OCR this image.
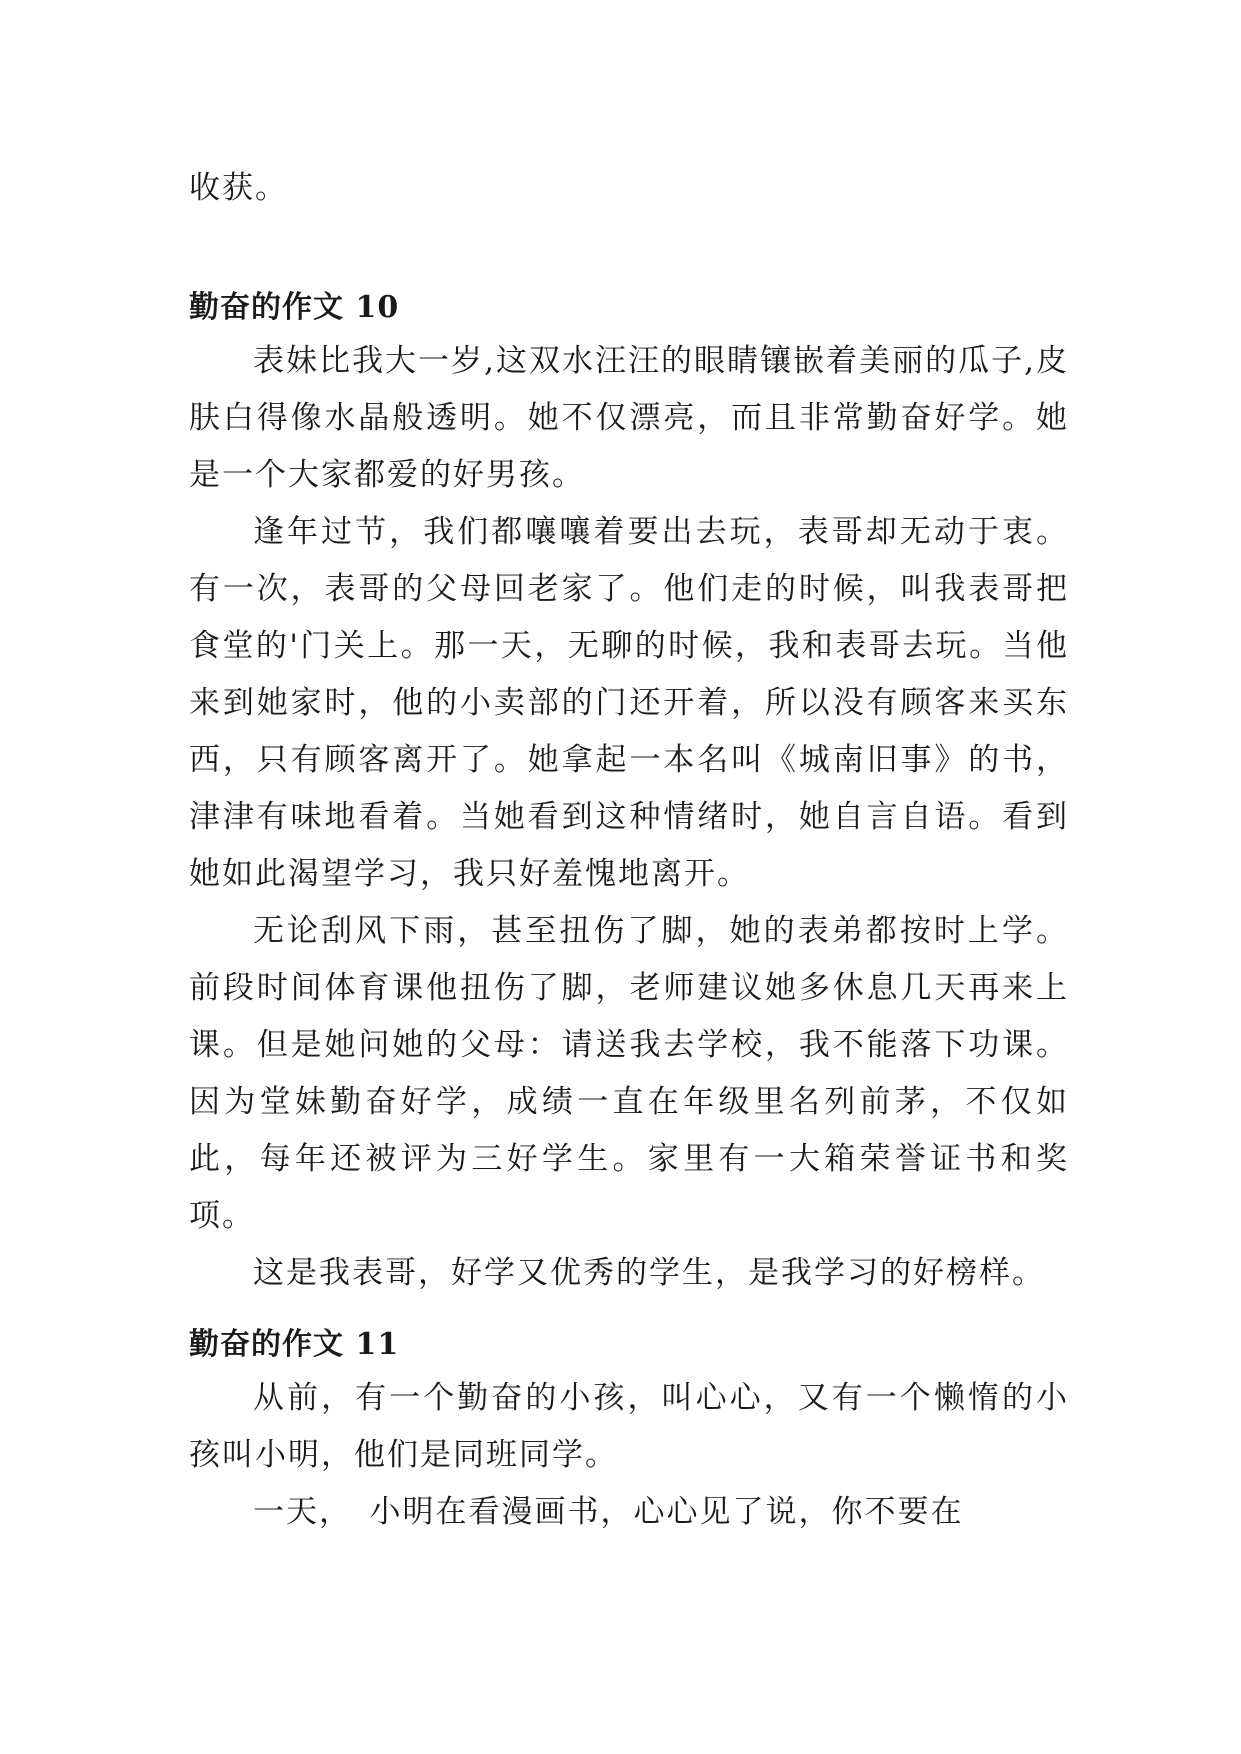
收获。

勤奋的作文 10

表妹比我大一岁,这双水汪汪的眼睛镶嵌着美丽的瓜子,皮肤白得像水晶般透明。她不仅漂亮，而且非常勤奋好学。她是一个大家都爱的好男孩。

逢年过节，我们都嚷嚷着要出去玩，表哥却无动于衷。有一次，表哥的父母回老家了。他们走的时候，叫我表哥把食堂的'门关上。那一天，无聊的时候，我和表哥去玩。当他来到她家时，他的小卖部的门还开着，所以没有顾客来买东西，只有顾客离开了。她拿起一本名叫《城南旧事》的书，津津有味地看着。当她看到这种情绪时，她自言自语。看到她如此渴望学习，我只好羞愧地离开。

无论刮风下雨，甚至扭伤了脚，她的表弟都按时上学。前段时间体育课他扭伤了脚，老师建议她多休息几天再来上课。但是她问她的父母：请送我去学校，我不能落下功课。因为堂妹勤奋好学，成绩一直在年级里名列前茅，不仅如此，每年还被评为三好学生。家里有一大箱荣誉证书和奖项。

这是我表哥，好学又优秀的学生，是我学习的好榜样。

勤奋的作文 11

从前，有一个勤奋的小孩，叫心心，又有一个懒惰的小孩叫小明，他们是同班同学。

一天，　小明在看漫画书，心心见了说，你不要在
